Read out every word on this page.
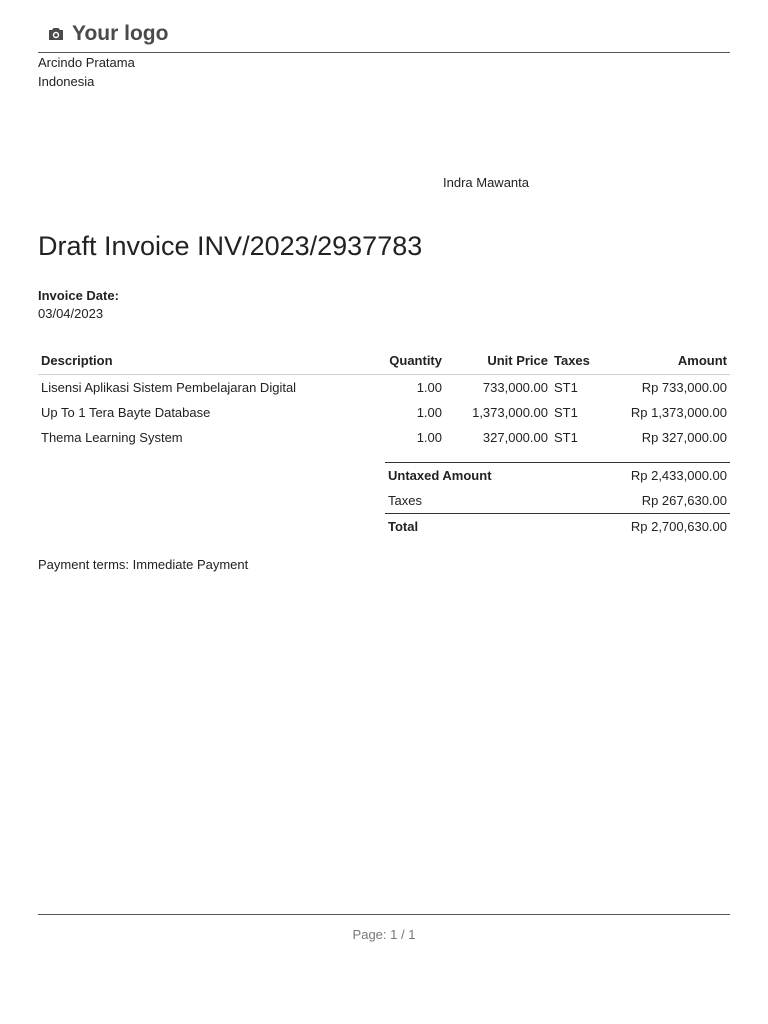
Your logo
Arcindo Pratama
Indonesia
Indra Mawanta
Draft Invoice INV/2023/2937783
Invoice Date:
03/04/2023
Description	Quantity	Unit Price	Taxes	Amount
Lisensi Aplikasi Sistem Pembelajaran Digital	1.00	733,000.00	ST1	Rp 733,000.00
Up To 1 Tera Bayte Database	1.00	1,373,000.00	ST1	Rp 1,373,000.00
Thema Learning System	1.00	327,000.00	ST1	Rp 327,000.00
Untaxed Amount	Rp 2,433,000.00
Taxes	Rp 267,630.00
Total	Rp 2,700,630.00
Payment terms: Immediate Payment
Page: 1 / 1
